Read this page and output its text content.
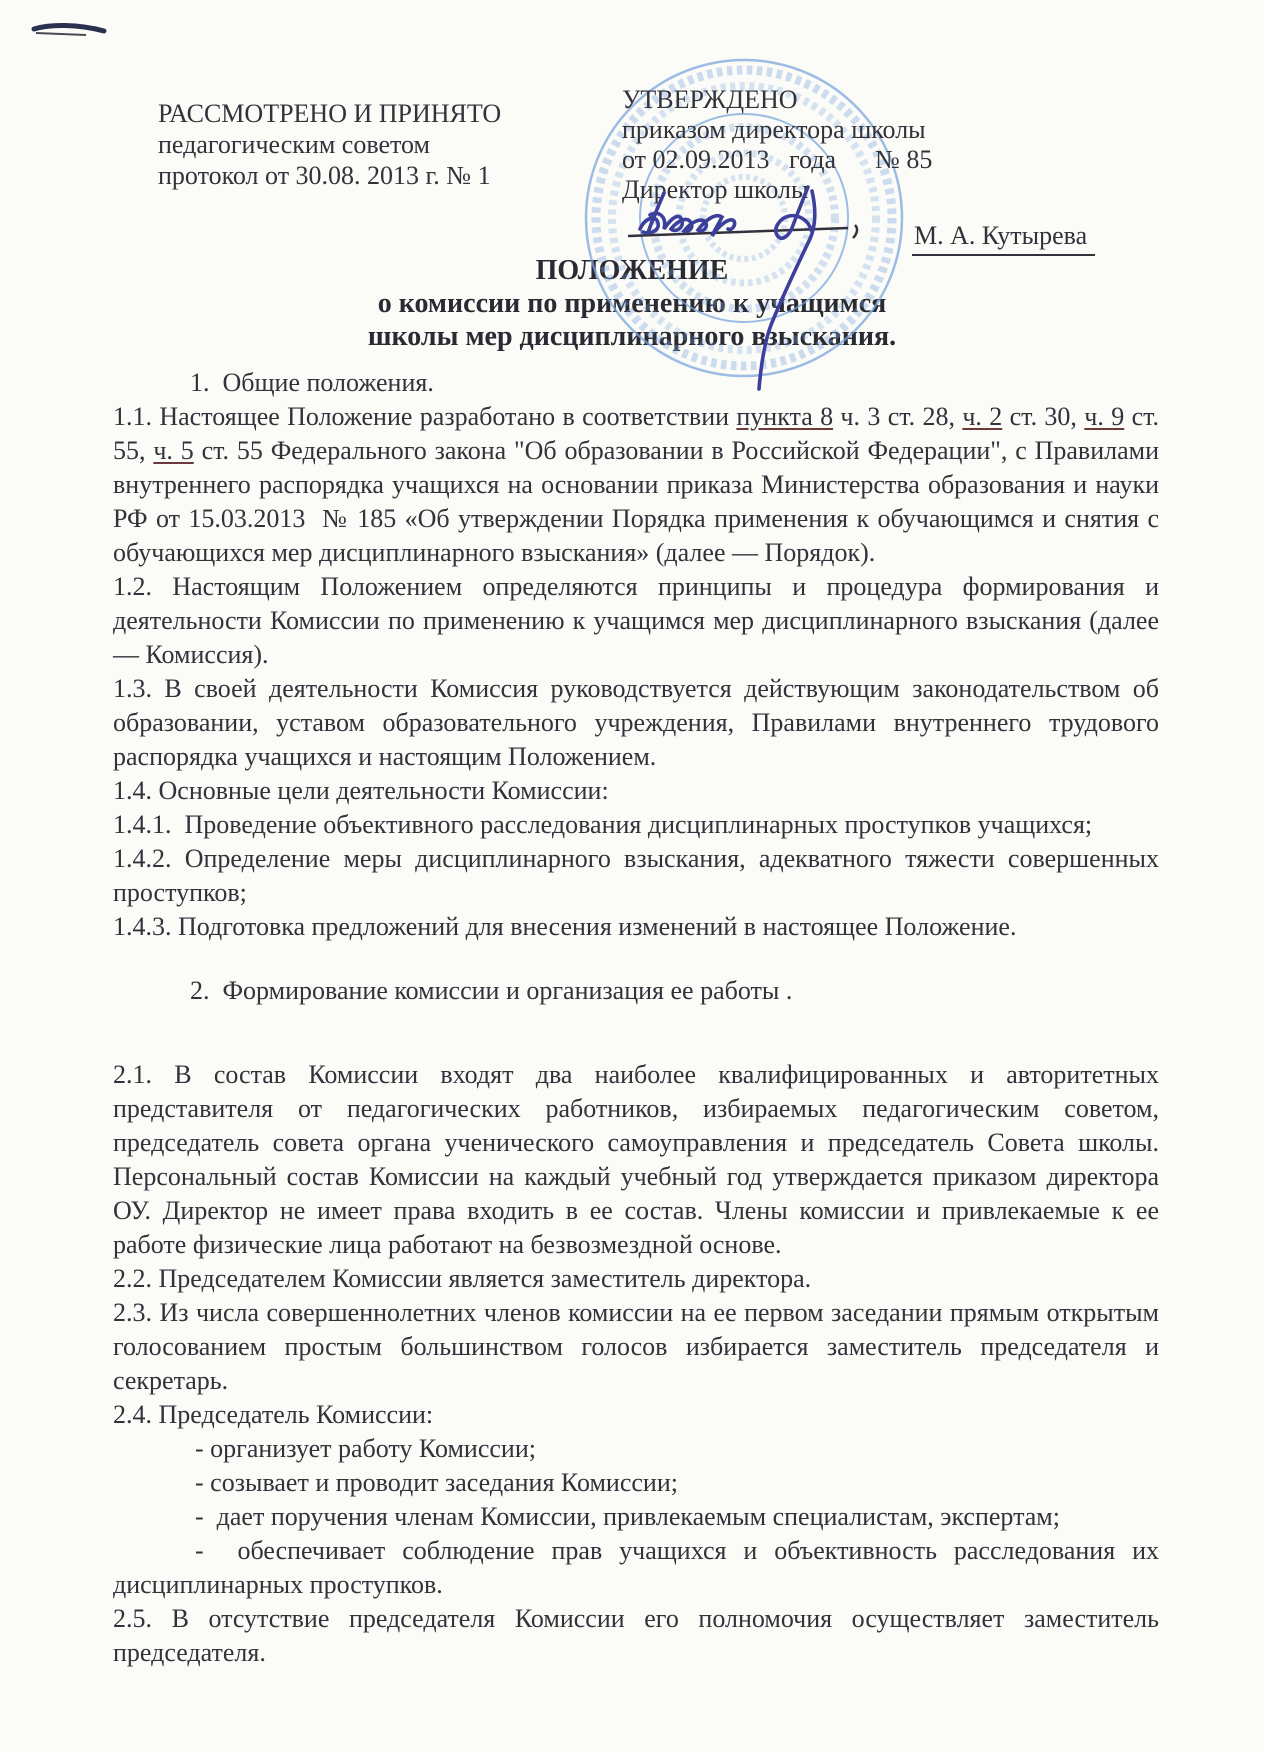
РАССМОТРЕНО И ПРИНЯТО
педагогическим советом
протокол от 30.08. 2013 г. № 1
УТВЕРЖДЕНО
приказом директора школы
от 02.09.2013   года      № 85
Директор школы
М. А. Кутырева
ПОЛОЖЕНИЕ
о комиссии по применению к учащимся
школы мер дисциплинарного взыскания.

1.  Общие положения.

1.1. Настоящее Положение разработано в соответствии пункта 8 ч. 3 ст. 28, ч. 2 ст. 30, ч. 9 ст. 55, ч. 5 ст. 55 Федерального закона "Об образовании в Российской Федерации", с Правилами внутреннего распорядка учащихся на основании приказа Министерства образования и науки РФ от 15.03.2013  № 185 «Об утверждении Порядка применения к обучающимся и снятия с обучающихся мер дисциплинарного взыскания» (далее — Порядок).

1.2. Настоящим Положением определяются принципы и процедура формирования и деятельности Комиссии по применению к учащимся мер дисциплинарного взыскания (далее — Комиссия).

1.3. В своей деятельности Комиссия руководствуется действующим законодательством об образовании, уставом образовательного учреждения, Правилами внутреннего трудового распорядка учащихся и настоящим Положением.

1.4. Основные цели деятельности Комиссии:

1.4.1.  Проведение объективного расследования дисциплинарных проступков учащихся;

1.4.2. Определение меры дисциплинарного взыскания, адекватного тяжести совершенных проступков;

1.4.3. Подготовка предложений для внесения изменений в настоящее Положение.

2.  Формирование комиссии и организация ее работы .

2.1. В состав Комиссии входят два наиболее квалифицированных и авторитетных представителя от педагогических работников, избираемых педагогическим советом, председатель совета органа ученического самоуправления и председатель Совета школы. Персональный состав Комиссии на каждый учебный год утверждается приказом директора ОУ. Директор не имеет права входить в ее состав. Члены комиссии и привлекаемые к ее работе физические лица работают на безвозмездной основе.

2.2. Председателем Комиссии является заместитель директора.

2.3. Из числа совершеннолетних членов комиссии на ее первом заседании прямым открытым голосованием простым большинством голосов избирается заместитель председателя и секретарь.

2.4. Председатель Комиссии:

- организует работу Комиссии;

- созывает и проводит заседания Комиссии;

-  дает поручения членам Комиссии, привлекаемым специалистам, экспертам;

-  обеспечивает соблюдение прав учащихся и объективность расследования их дисциплинарных проступков.

2.5. В отсутствие председателя Комиссии его полномочия осуществляет заместитель председателя.
